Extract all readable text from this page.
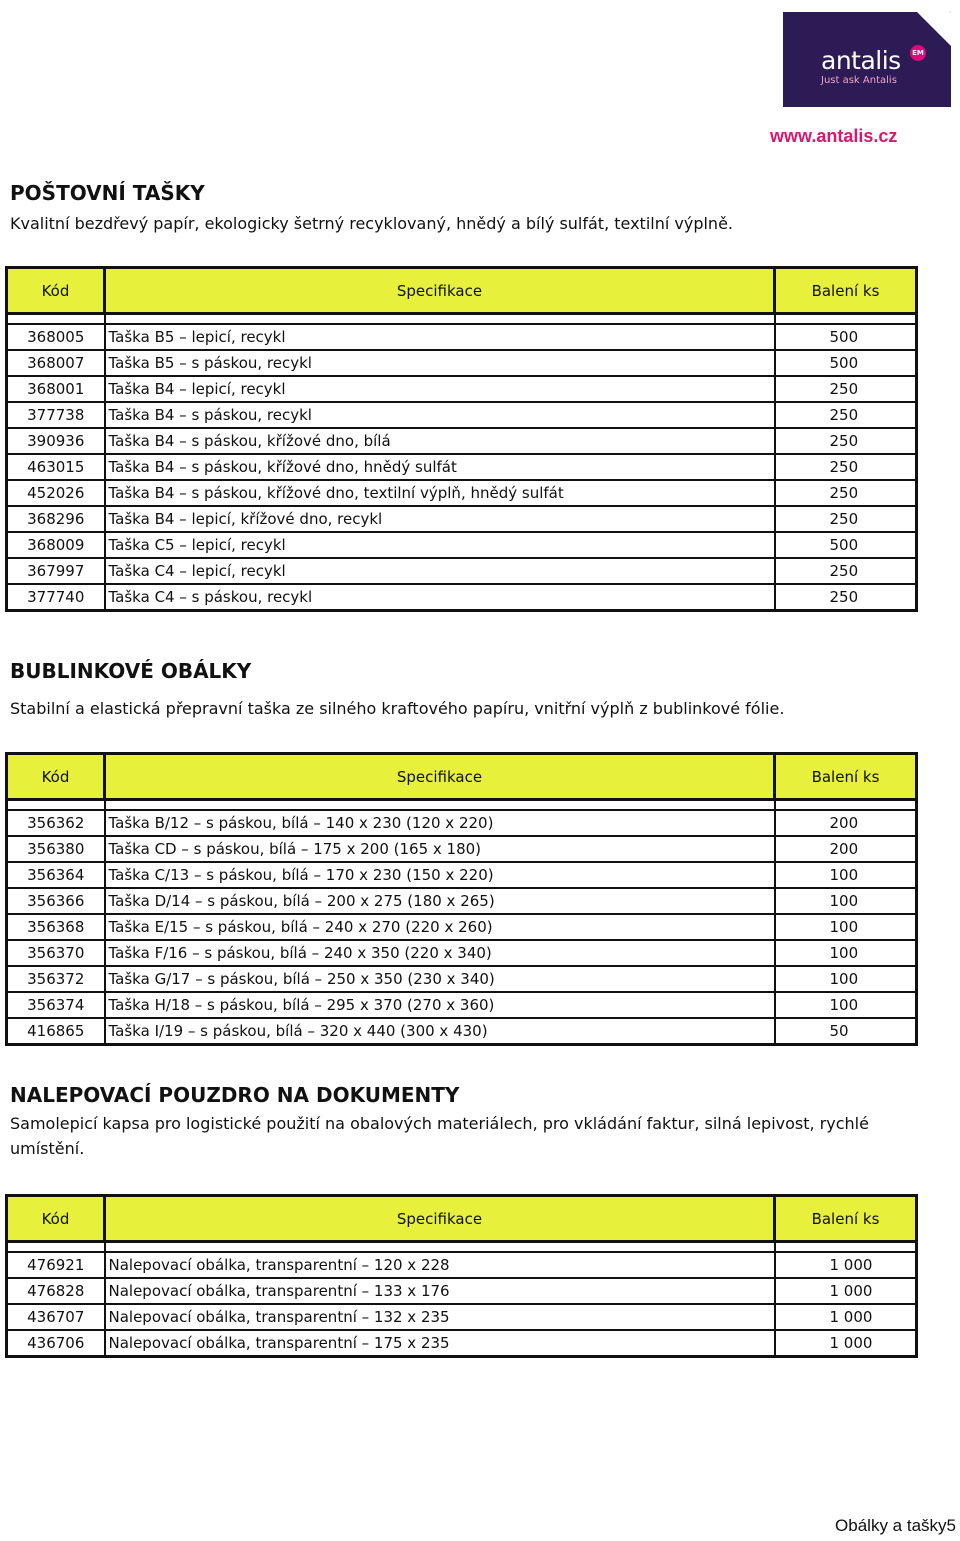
antalis	EM
Just ask Antalis
www.antalis.cz
POŠTOVNÍ TAŠKY
Kvalitní bezdřevý papír, ekologicky šetrný recyklovaný, hnědý a bílý sulfát, textilní výplně.
Kód	Specifikace	Balení ks

368005	Taška B5 – lepicí, recykl	500
368007	Taška B5 – s páskou, recykl	500
368001	Taška B4 – lepicí, recykl	250
377738	Taška B4 – s páskou, recykl	250
390936	Taška B4 – s páskou, křížové dno, bílá	250
463015	Taška B4 – s páskou, křížové dno, hnědý sulfát	250
452026	Taška B4 – s páskou, křížové dno, textilní výplň, hnědý sulfát	250
368296	Taška B4 – lepicí, křížové dno, recykl	250
368009	Taška C5 – lepicí, recykl	500
367997	Taška C4 – lepicí, recykl	250
377740	Taška C4 – s páskou, recykl	250
BUBLINKOVÉ OBÁLKY
Stabilní a elastická přepravní taška ze silného kraftového papíru, vnitřní výplň z bublinkové fólie.
Kód	Specifikace	Balení ks

356362	Taška B/12 – s páskou, bílá – 140 x 230 (120 x 220)	200
356380	Taška CD – s páskou, bílá – 175 x 200 (165 x 180)	200
356364	Taška C/13 – s páskou, bílá – 170 x 230 (150 x 220)	100
356366	Taška D/14 – s páskou, bílá – 200 x 275 (180 x 265)	100
356368	Taška E/15 – s páskou, bílá – 240 x 270 (220 x 260)	100
356370	Taška F/16 – s páskou, bílá – 240 x 350 (220 x 340)	100
356372	Taška G/17 – s páskou, bílá – 250 x 350 (230 x 340)	100
356374	Taška H/18 – s páskou, bílá – 295 x 370 (270 x 360)	100
416865	Taška I/19 – s páskou, bílá – 320 x 440 (300 x 430)	50
NALEPOVACÍ POUZDRO NA DOKUMENTY
Samolepicí kapsa pro logistické použití na obalových materiálech, pro vkládání faktur, silná lepivost, rychlé umístění.
Kód	Specifikace	Balení ks

476921	Nalepovací obálka, transparentní – 120 x 228	1 000
476828	Nalepovací obálka, transparentní – 133 x 176	1 000
436707	Nalepovací obálka, transparentní – 132 x 235	1 000
436706	Nalepovací obálka, transparentní – 175 x 235	1 000
Obálky a tašky5
